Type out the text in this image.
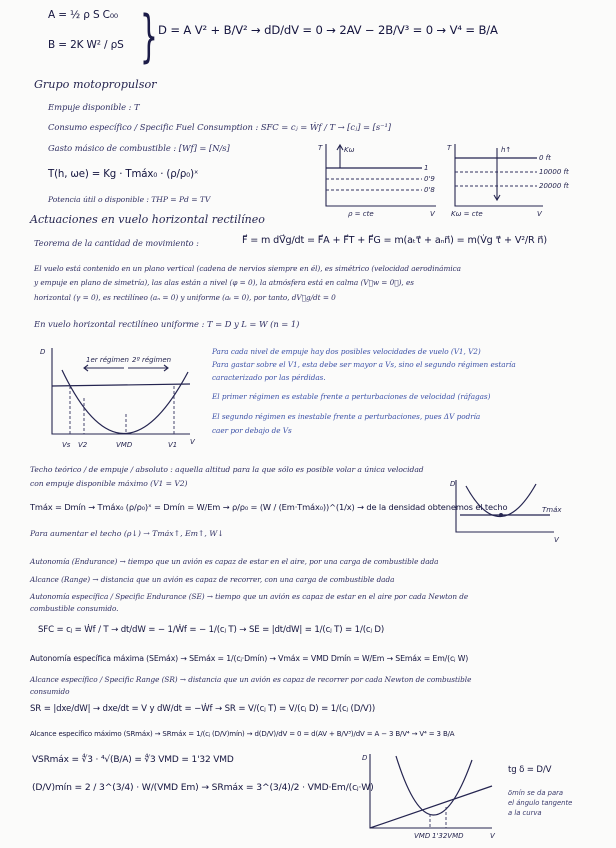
A = ½ ρ S C₀₀
B = 2K W² / ρS } D = A V² + B/V² → dD/dV = 0 → 2AV − 2B/V³ = 0 → V⁴ = B/A
Grupo motopropulsor
Empuje disponible : T
Consumo específico / Specific Fuel Consumption : SFC = cⱼ = Ẇf / T → [cⱼ] = [s⁻¹]
Gasto másico de combustible : [Wf] = [N/s]
T(h, ωe) = Kg · Tmáx₀ · (ρ/ρ₀)ˣ
Potencia útil o disponible : THP = Pd = TV
T	Kω
1
0'9
0'8
V
ρ = cte
T	h↑
0 ft
10000 ft
20000 ft
V
Kω = cte
Actuaciones en vuelo horizontal rectilíneo
Teorema de la cantidad de movimiento :	F⃗ = m dV⃗g/dt = F⃗A + F⃗T + F⃗G = m(aₜτ⃗ + aₙn⃗) = m(V̇g τ⃗ + V²/R n⃗)
El vuelo está contenido en un plano vertical (cadena de nervios siempre en él), es simétrico (velocidad aerodinámica
y empuje en plano de simetría), las alas están a nivel (φ = 0), la atmósfera está en calma (V⃗w = 0⃗), es
horizontal (γ = 0), es rectilíneo (aₙ = 0) y uniforme (aₜ = 0), por tanto, dV⃗g/dt = 0
En vuelo horizontal rectilíneo uniforme : T = D y L = W (n = 1)
D
V
1er régimen 2º régimen
Vs V2	VMD	V1
Para cada nivel de empuje hay dos posibles velocidades de vuelo (V1, V2)
Para gastar sobre el V1, esta debe ser mayor a Vs, sino el segundo régimen estaría
caracterizado por las pérdidas.
El primer régimen es estable frente a perturbaciones de velocidad (ráfagas)
El segundo régimen es inestable frente a perturbaciones, pues ΔV podría
caer por debajo de Vs
Techo teórico / de empuje / absoluto : aquella altitud para la que sólo es posible volar a única velocidad
con empuje disponible máximo (V1 = V2)
Tmáx = Dmín → Tmáx₀ (ρ/ρ₀)ˣ = Dmín = W/Em → ρ/ρ₀ = (W / (Em·Tmáx₀))^(1/x) → de la densidad obtenemos el techo
Para aumentar el techo (ρ↓) → Tmáx↑, Em↑, W↓
D
Tmáx
V
Autonomía (Endurance) → tiempo que un avión es capaz de estar en el aire, por una carga de combustible dada
Alcance (Range) → distancia que un avión es capaz de recorrer, con una carga de combustible dada
Autonomía específica / Specific Endurance (SE) → tiempo que un avión es capaz de estar en el aire por cada Newton de
combustible consumido.
SFC = cⱼ = Ẇf / T → dt/dW = − 1/Ẇf = − 1/(cⱼ T) → SE = |dt/dW| = 1/(cⱼ T) = 1/(cⱼ D)
Autonomía específica máxima (SEmáx) → SEmáx = 1/(cⱼ·Dmín) → Vmáx = VMD Dmín = W/Em → SEmáx = Em/(cⱼ W)
Alcance específico / Specific Range (SR) → distancia que un avión es capaz de recorrer por cada Newton de combustible
consumido
SR = |dxe/dW| → dxe/dt = V y dW/dt = −Ẇf → SR = V/(cⱼ T) = V/(cⱼ D) = 1/(cⱼ (D/V))
Alcance específico máximo (SRmáx) → SRmáx = 1/(cⱼ (D/V)mín) → d(D/V)/dV = 0 = d(AV + B/V³)/dV = A − 3 B/V⁴ → V⁴ = 3 B/A
VSRmáx = ∜3 · ⁴√(B/A) = ∜3 VMD = 1'32 VMD
(D/V)mín = 2 / 3^(3/4) · W/(VMD Em) → SRmáx = 3^(3/4)/2 · VMD·Em/(cⱼ·W)
D
V
VMD 1'32VMD
tg δ = D/V
δmín se da para
el ángulo tangente
a la curva
